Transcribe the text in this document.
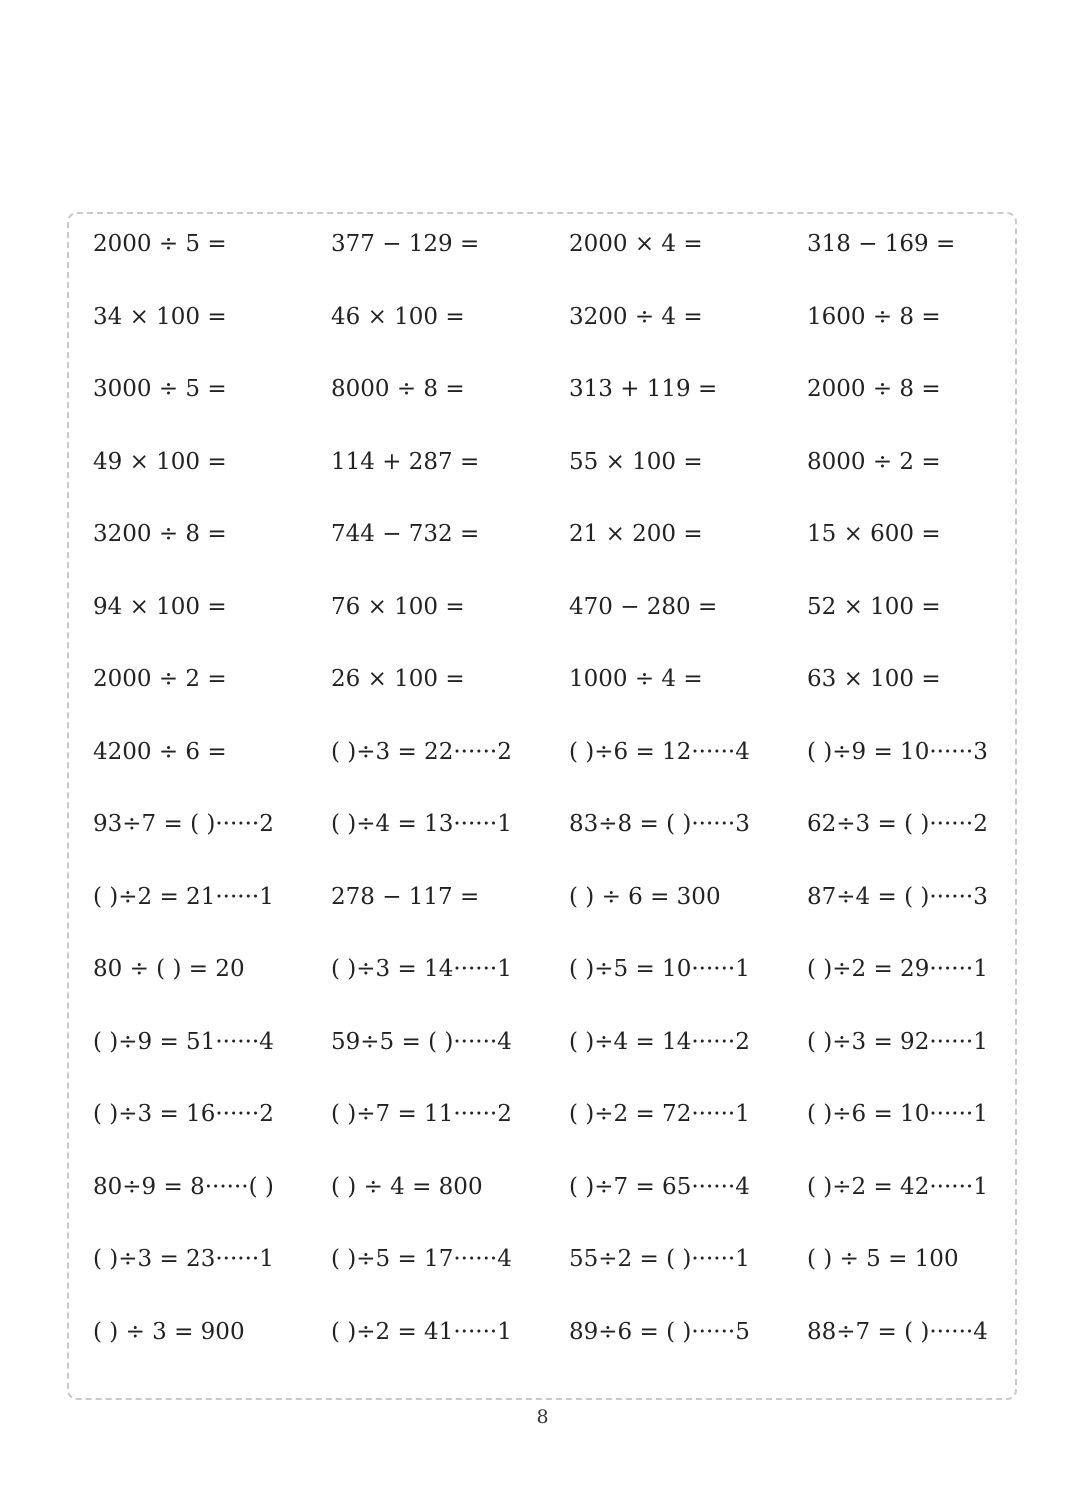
2000 ÷ 5 =	377 − 129 =	2000 × 4 =	318 − 169 =
34 × 100 =	46 × 100 =	3200 ÷ 4 =	1600 ÷ 8 =
3000 ÷ 5 =	8000 ÷ 8 =	313 + 119 =	2000 ÷ 8 =
49 × 100 =	114 + 287 =	55 × 100 =	8000 ÷ 2 =
3200 ÷ 8 =	744 − 732 =	21 × 200 =	15 × 600 =
94 × 100 =	76 × 100 =	470 − 280 =	52 × 100 =
2000 ÷ 2 =	26 × 100 =	1000 ÷ 4 =	63 × 100 =
4200 ÷ 6 =	( )÷3 = 22······2	( )÷6 = 12······4	( )÷9 = 10······3
93÷7 = ( )······2	( )÷4 = 13······1	83÷8 = ( )······3	62÷3 = ( )······2
( )÷2 = 21······1	278 − 117 =	( ) ÷ 6 = 300	87÷4 = ( )······3
80 ÷ ( ) = 20	( )÷3 = 14······1	( )÷5 = 10······1	( )÷2 = 29······1
( )÷9 = 51······4	59÷5 = ( )······4	( )÷4 = 14······2	( )÷3 = 92······1
( )÷3 = 16······2	( )÷7 = 11······2	( )÷2 = 72······1	( )÷6 = 10······1
80÷9 = 8······( )	( ) ÷ 4 = 800	( )÷7 = 65······4	( )÷2 = 42······1
( )÷3 = 23······1	( )÷5 = 17······4	55÷2 = ( )······1	( ) ÷ 5 = 100
( ) ÷ 3 = 900	( )÷2 = 41······1	89÷6 = ( )······5	88÷7 = ( )······4
8
